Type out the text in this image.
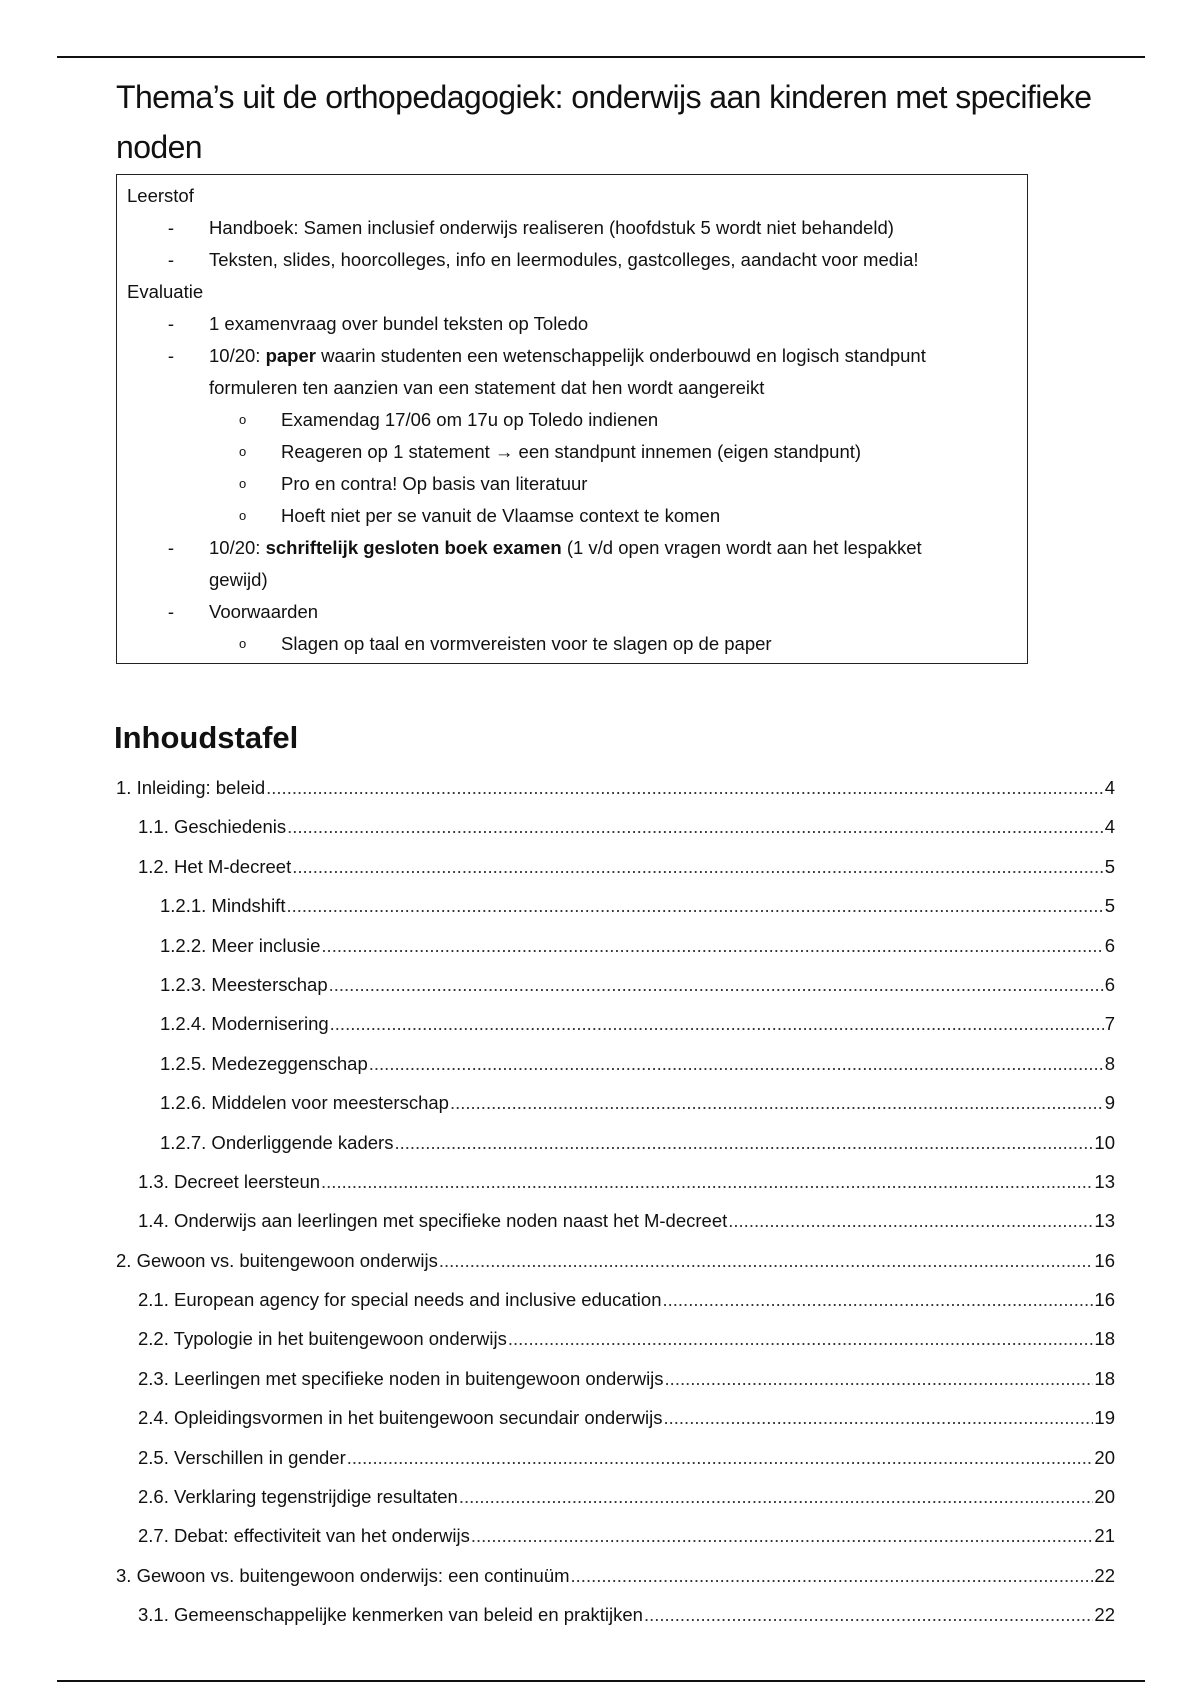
Thema’s uit de orthopedagogiek: onderwijs aan kinderen met specifieke noden
Leerstof
- Handboek: Samen inclusief onderwijs realiseren (hoofdstuk 5 wordt niet behandeld)
- Teksten, slides, hoorcolleges, info en leermodules, gastcolleges, aandacht voor media!
Evaluatie
- 1 examenvraag over bundel teksten op Toledo
- 10/20: paper waarin studenten een wetenschappelijk onderbouwd en logisch standpunt
formuleren ten aanzien van een statement dat hen wordt aangereikt
o Examendag 17/06 om 17u op Toledo indienen
o Reageren op 1 statement → een standpunt innemen (eigen standpunt)
o Pro en contra! Op basis van literatuur
o Hoeft niet per se vanuit de Vlaamse context te komen
- 10/20: schriftelijk gesloten boek examen (1 v/d open vragen wordt aan het lespakket
gewijd)
- Voorwaarden
o Slagen op taal en vormvereisten voor te slagen op de paper
Inhoudstafel
1. Inleiding: beleid .....	4
1.1. Geschiedenis .....	4
1.2. Het M-decreet .....	5
1.2.1. Mindshift .....	5
1.2.2. Meer inclusie .....	6
1.2.3. Meesterschap .....	6
1.2.4. Modernisering .....	7
1.2.5. Medezeggenschap .....	8
1.2.6. Middelen voor meesterschap .....	9
1.2.7. Onderliggende kaders .....	10
1.3. Decreet leersteun .....	13
1.4. Onderwijs aan leerlingen met specifieke noden naast het M-decreet .....	13
2. Gewoon vs. buitengewoon onderwijs .....	16
2.1. European agency for special needs and inclusive education .....	16
2.2. Typologie in het buitengewoon onderwijs .....	18
2.3. Leerlingen met specifieke noden in buitengewoon onderwijs .....	18
2.4. Opleidingsvormen in het buitengewoon secundair onderwijs .....	19
2.5. Verschillen in gender .....	20
2.6. Verklaring tegenstrijdige resultaten .....	20
2.7. Debat: effectiviteit van het onderwijs .....	21
3. Gewoon vs. buitengewoon onderwijs: een continuüm .....	22
3.1. Gemeenschappelijke kenmerken van beleid en praktijken .....	22
